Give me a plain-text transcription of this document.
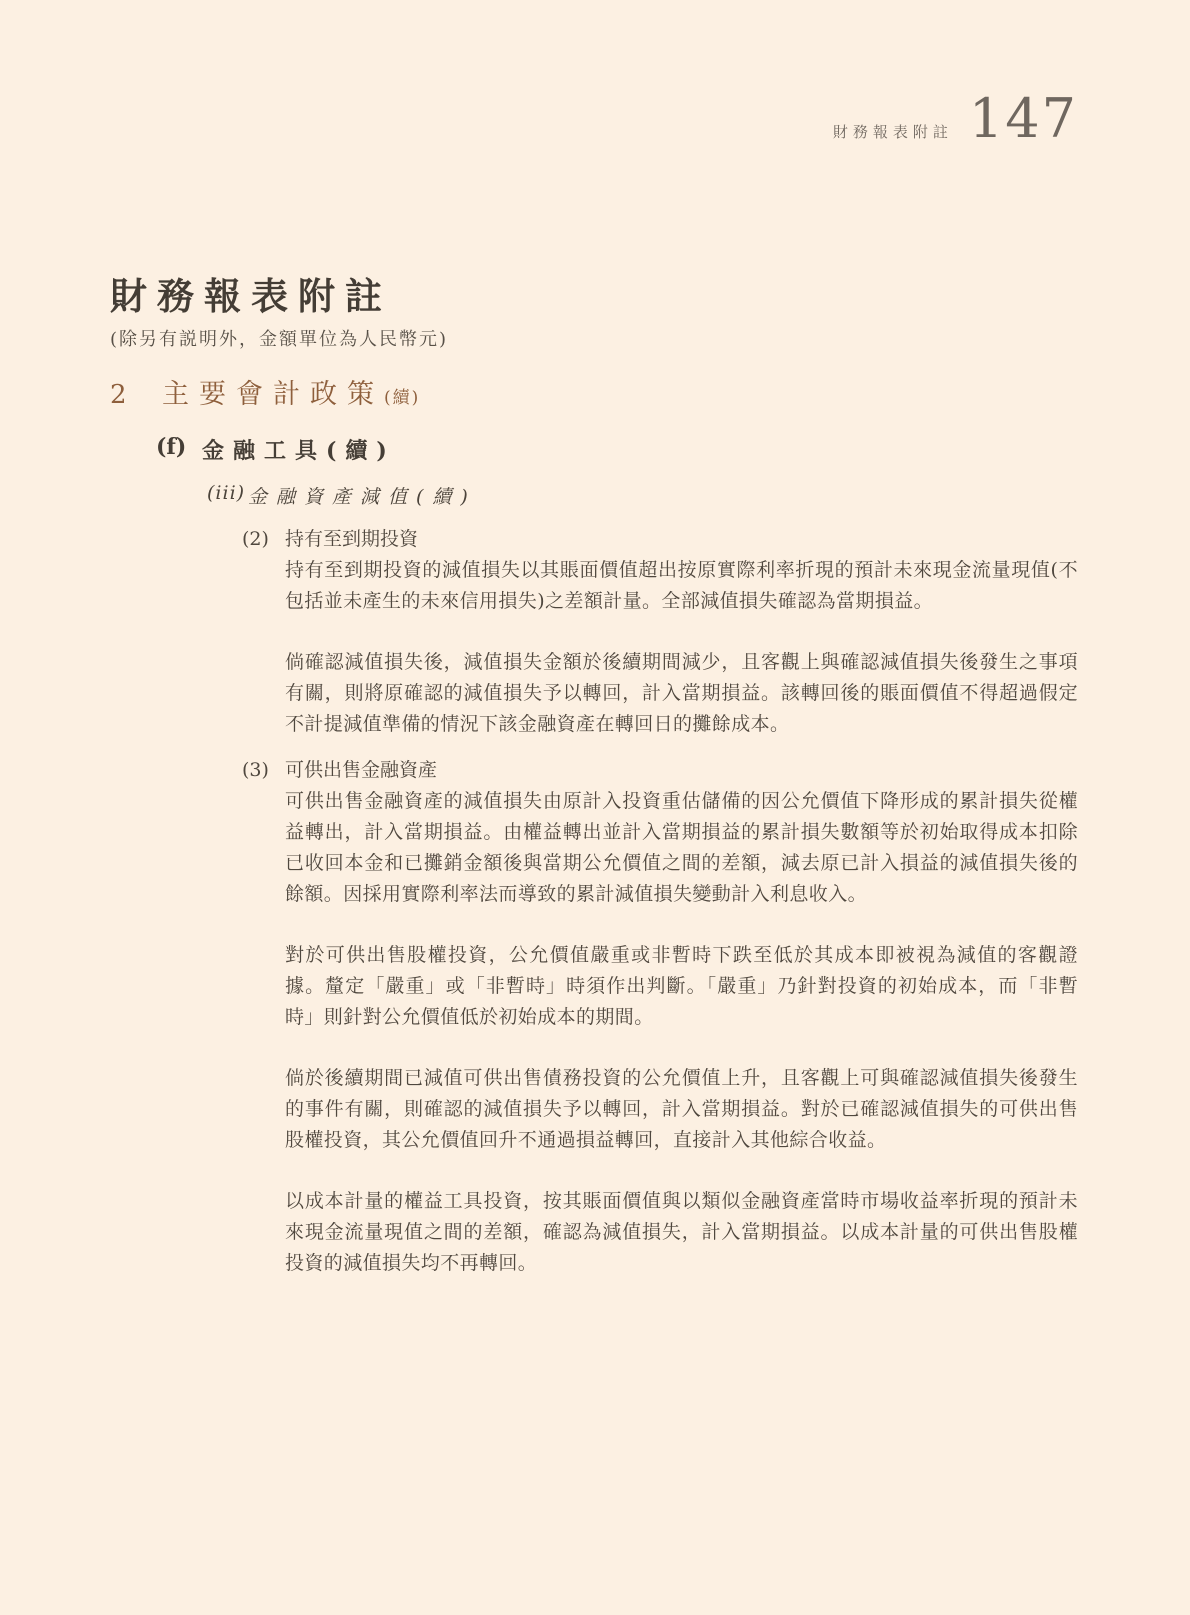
財務報表附註 147
財務報表附註

(除另有説明外，金額單位為人民幣元)

2	主要會計政策(續)
(f) 金融工具(續)
(iii) 金融資產減值(續)
(2) 持有至到期投資

持有至到期投資的減值損失以其賬面價值超出按原實際利率折現的預計未來現金流量現值(不包括並未產生的未來信用損失)之差額計量。全部減值損失確認為當期損益。

倘確認減值損失後，減值損失金額於後續期間減少，且客觀上與確認減值損失後發生之事項有關，則將原確認的減值損失予以轉回，計入當期損益。該轉回後的賬面價值不得超過假定不計提減值準備的情況下該金融資產在轉回日的攤餘成本。

(3) 可供出售金融資產

可供出售金融資產的減值損失由原計入投資重估儲備的因公允價值下降形成的累計損失從權益轉出，計入當期損益。由權益轉出並計入當期損益的累計損失數額等於初始取得成本扣除已收回本金和已攤銷金額後與當期公允價值之間的差額，減去原已計入損益的減值損失後的餘額。因採用實際利率法而導致的累計減值損失變動計入利息收入。

對於可供出售股權投資，公允價值嚴重或非暫時下跌至低於其成本即被視為減值的客觀證據。釐定「嚴重」或「非暫時」時須作出判斷。「嚴重」乃針對投資的初始成本，而「非暫時」則針對公允價值低於初始成本的期間。

倘於後續期間已減值可供出售債務投資的公允價值上升，且客觀上可與確認減值損失後發生的事件有關，則確認的減值損失予以轉回，計入當期損益。對於已確認減值損失的可供出售股權投資，其公允價值回升不通過損益轉回，直接計入其他綜合收益。

以成本計量的權益工具投資，按其賬面價值與以類似金融資產當時市場收益率折現的預計未來現金流量現值之間的差額，確認為減值損失，計入當期損益。以成本計量的可供出售股權投資的減值損失均不再轉回。
